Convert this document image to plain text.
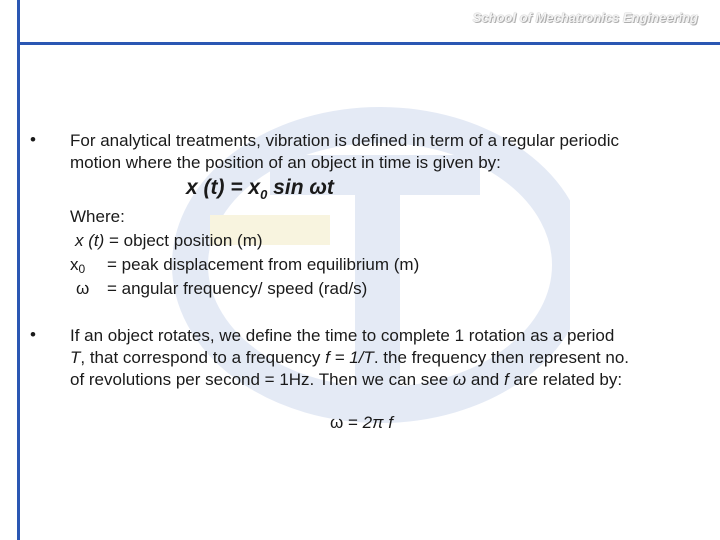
School of Mechatronics Engineering
• For analytical treatments, vibration is defined in term of a regular periodic
motion where the position of an object in time is given by:
x $(t) = x_0$ sin ωt
Where:
x (t) = object position (m)
$x_0$ = peak displacement from equilibrium (m)
ω = angular frequency/ speed (rad/s)
• If an object rotates, we define the time to complete 1 rotation as a period
T, that correspond to a frequency f = 1/T. the frequency then represent no.
of revolutions per second = 1Hz. Then we can see ω and f are related by:
ω = 2π f
